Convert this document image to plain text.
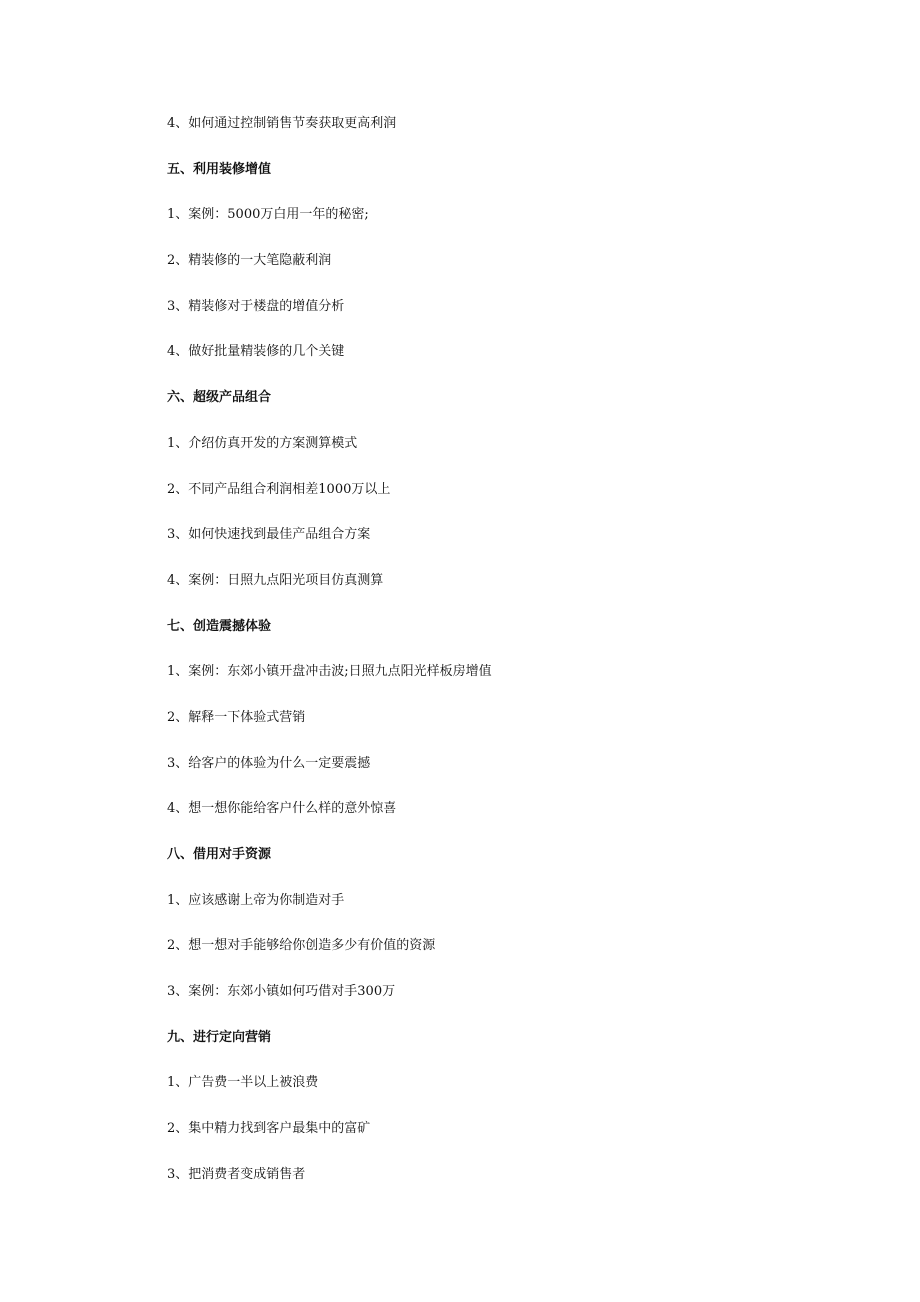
4、如何通过控制销售节奏获取更高利润
五、利用装修增值
1、案例：5000万白用一年的秘密;
2、精装修的一大笔隐蔽利润
3、精装修对于楼盘的增值分析
4、做好批量精装修的几个关键
六、超级产品组合
1、介绍仿真开发的方案测算模式
2、不同产品组合利润相差1000万以上
3、如何快速找到最佳产品组合方案
4、案例：日照九点阳光项目仿真测算
七、创造震撼体验
1、案例：东郊小镇开盘冲击波;日照九点阳光样板房增值
2、解释一下体验式营销
3、给客户的体验为什么一定要震撼
4、想一想你能给客户什么样的意外惊喜
八、借用对手资源
1、应该感谢上帝为你制造对手
2、想一想对手能够给你创造多少有价值的资源
3、案例：东郊小镇如何巧借对手300万
九、进行定向营销
1、广告费一半以上被浪费
2、集中精力找到客户最集中的富矿
3、把消费者变成销售者
